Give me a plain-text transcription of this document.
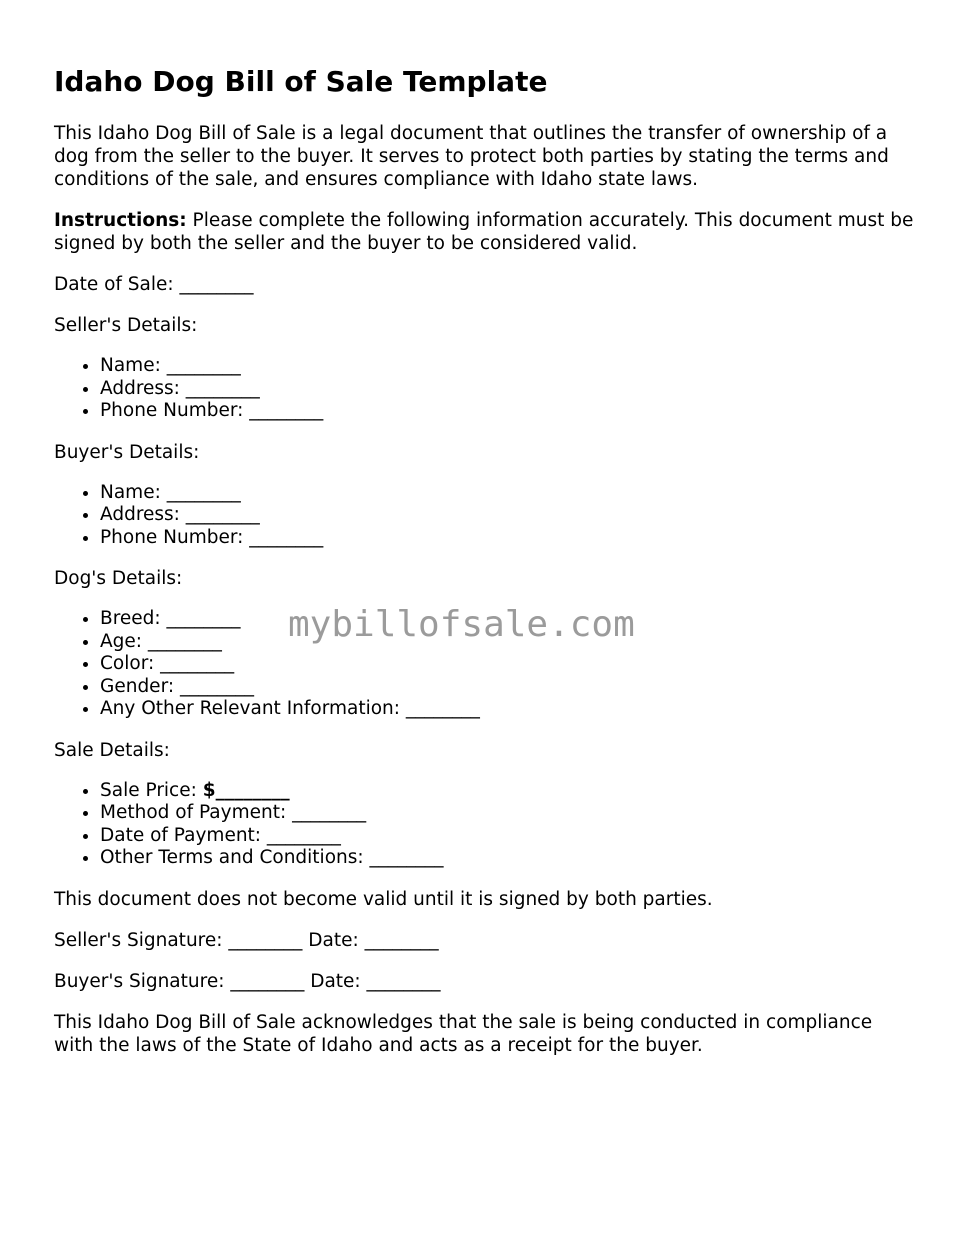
Idaho Dog Bill of Sale Template

This Idaho Dog Bill of Sale is a legal document that outlines the transfer of ownership of a dog from the seller to the buyer. It serves to protect both parties by stating the terms and conditions of the sale, and ensures compliance with Idaho state laws.

Instructions: Please complete the following information accurately. This document must be signed by both the seller and the buyer to be considered valid.

Date of Sale: ________

Seller's Details:

• Name: ________
• Address: ________
• Phone Number: ________

Buyer's Details:

• Name: ________
• Address: ________
• Phone Number: ________

Dog's Details:

• Breed: ________
• Age: ________
• Color: ________
• Gender: ________
• Any Other Relevant Information: ________

Sale Details:

• Sale Price: $________
• Method of Payment: ________
• Date of Payment: ________
• Other Terms and Conditions: ________

This document does not become valid until it is signed by both parties.

Seller's Signature: ________ Date: ________

Buyer's Signature: ________ Date: ________

This Idaho Dog Bill of Sale acknowledges that the sale is being conducted in compliance with the laws of the State of Idaho and acts as a receipt for the buyer.

mybillofsale.com
